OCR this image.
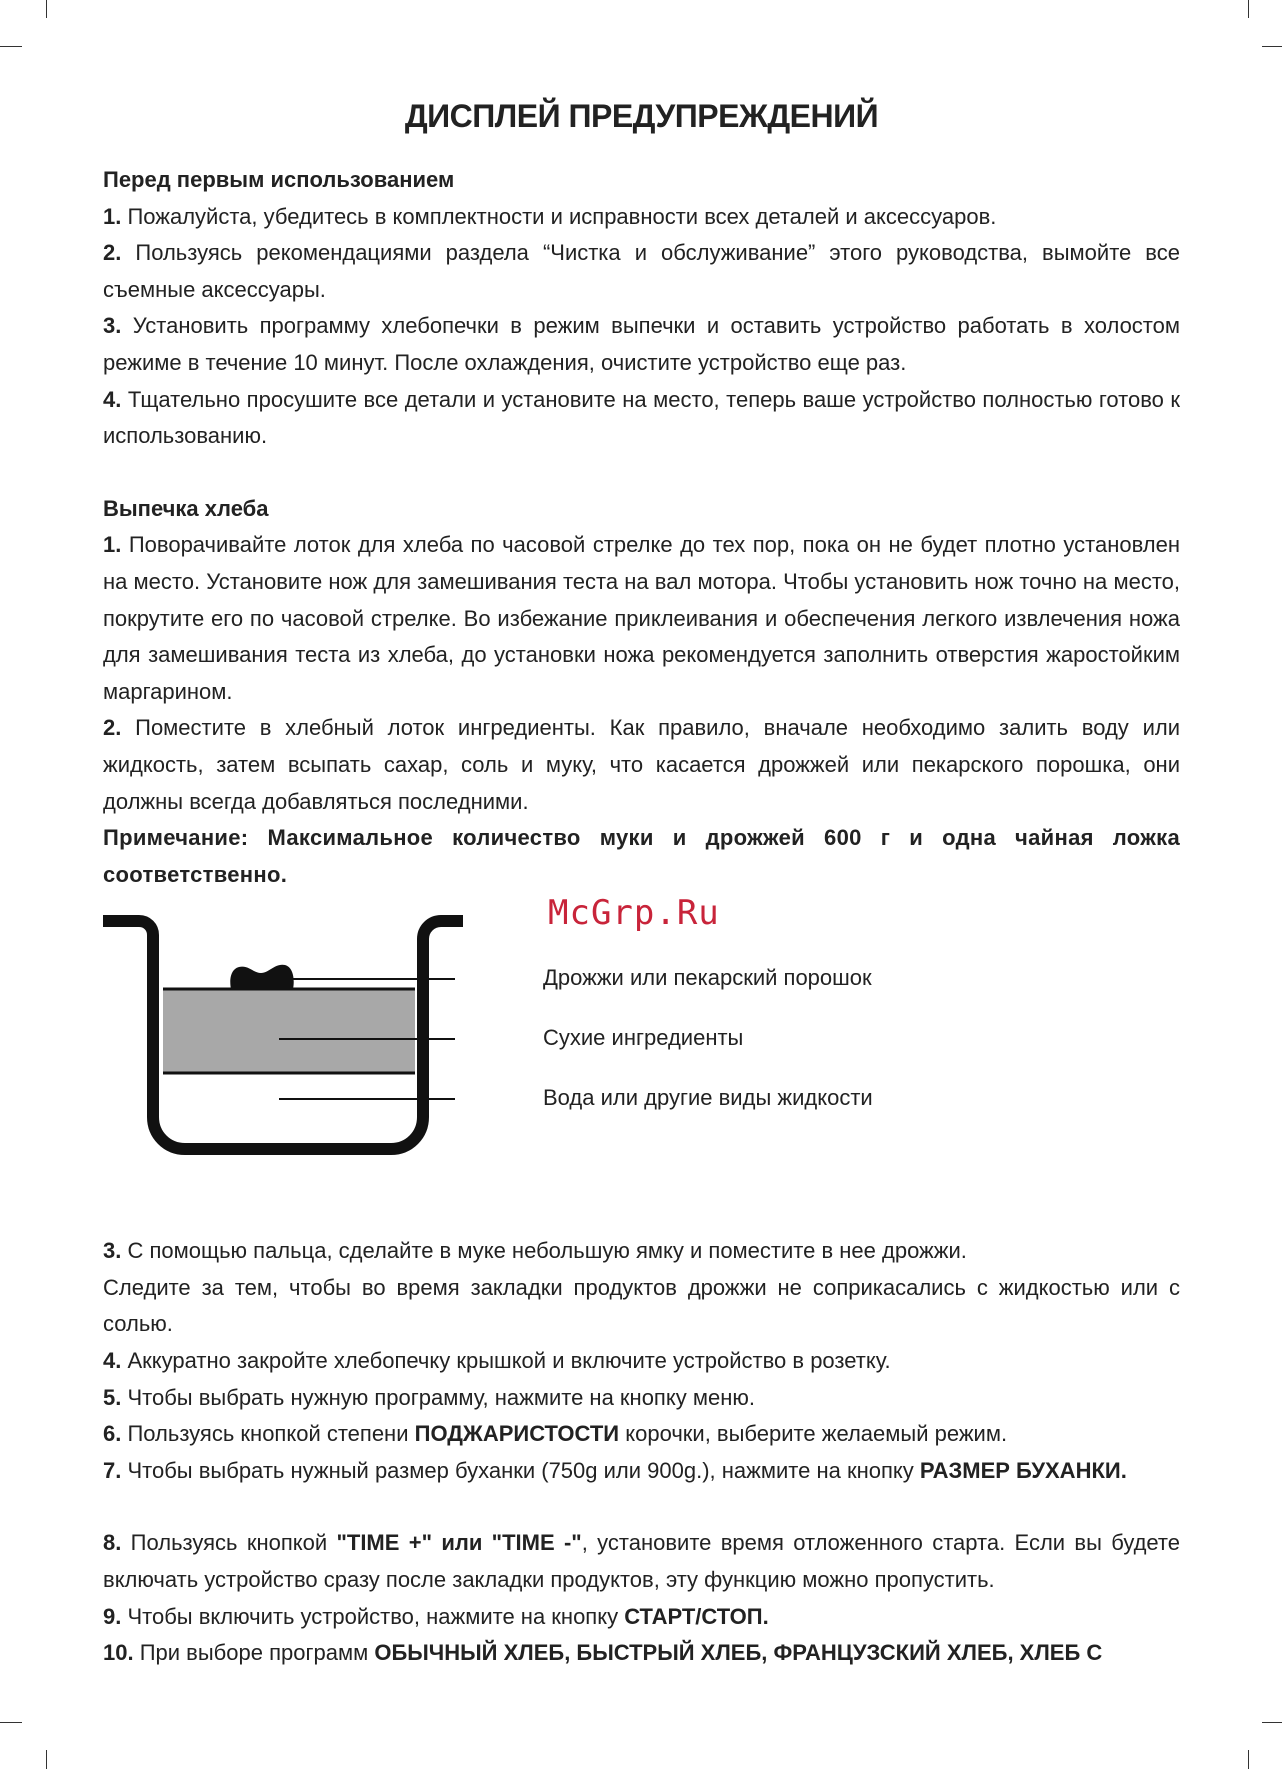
ДИСПЛЕЙ ПРЕДУПРЕЖДЕНИЙ
Перед первым использованием

1. Пожалуйста, убедитесь в комплектности и исправности всех деталей и аксессуаров.

2. Пользуясь рекомендациями раздела “Чистка и обслуживание” этого руководства, вымойте все съемные аксессуары.

3. Установить программу хлебопечки в режим выпечки и оставить устройство работать в холостом режиме в течение 10 минут. После охлаждения, очистите устройство еще раз.

4. Тщательно просушите все детали и установите на место, теперь ваше устройство полностью готово к использованию.

Выпечка хлеба

1. Поворачивайте лоток для хлеба по часовой стрелке до тех пор, пока он не будет плотно установлен на место. Установите нож для замешивания теста на вал мотора. Чтобы установить нож точно на место, покрутите его по часовой стрелке. Во избежание приклеивания и обеспечения легкого извлечения ножа для замешивания теста из хлеба, до установки ножа рекомендуется заполнить отверстия жаростойким маргарином.

2. Поместите в хлебный лоток ингредиенты. Как правило, вначале необходимо залить воду или жидкость, затем всыпать сахар, соль и муку, что касается дрожжей или пекарского порошка, они должны всегда добавляться последними.

Примечание: Максимальное количество муки и дрожжей 600 г и одна чайная ложка соответственно.

McGrp.Ru
Дрожжи или пекарский порошок
Сухие ингредиенты
Вода или другие виды жидкости

3. С помощью пальца, сделайте в муке небольшую ямку и поместите в нее дрожжи.

Следите за тем, чтобы во время закладки продуктов дрожжи не соприкасались с жидкостью или с солью.

4. Аккуратно закройте хлебопечку крышкой и включите устройство в розетку.

5. Чтобы выбрать нужную программу, нажмите на кнопку меню.

6. Пользуясь кнопкой степени ПОДЖАРИСТОСТИ корочки, выберите желаемый режим.

7. Чтобы выбрать нужный размер буханки (750g или 900g.), нажмите на кнопку РАЗМЕР БУХАНКИ.

8. Пользуясь кнопкой "TIME +" или "TIME -", установите время отложенного старта. Если вы будете включать устройство сразу после закладки продуктов, эту функцию можно пропустить.

9. Чтобы включить устройство, нажмите на кнопку СТАРТ/СТОП.

10. При выборе программ ОБЫЧНЫЙ ХЛЕБ, БЫСТРЫЙ ХЛЕБ, ФРАНЦУЗСКИЙ ХЛЕБ, ХЛЕБ С
